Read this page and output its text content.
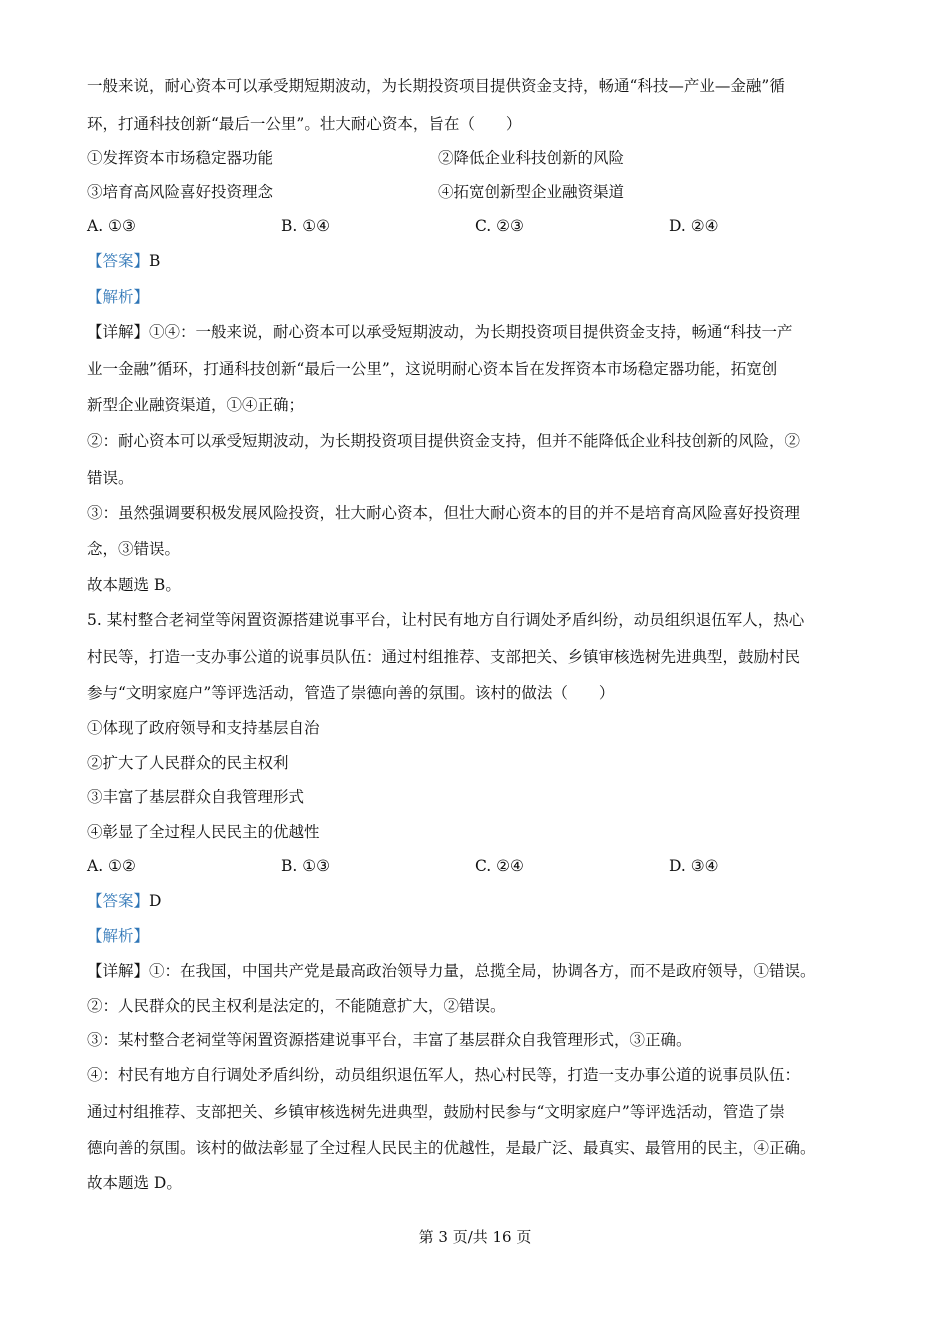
一般来说，耐心资本可以承受期短期波动，为长期投资项目提供资金支持，畅通“科技—产业—金融”循
环，打通科技创新“最后一公里”。壮大耐心资本，旨在（　　）
①发挥资本市场稳定器功能	②降低企业科技创新的风险
③培育高风险喜好投资理念	④拓宽创新型企业融资渠道
A. ①③	B. ①④	C. ②③	D. ②④
【答案】B
【解析】
【详解】①④：一般来说，耐心资本可以承受短期波动，为长期投资项目提供资金支持，畅通“科技一产
业一金融”循环，打通科技创新“最后一公里”，这说明耐心资本旨在发挥资本市场稳定器功能，拓宽创
新型企业融资渠道，①④正确；
②：耐心资本可以承受短期波动，为长期投资项目提供资金支持，但并不能降低企业科技创新的风险，②
错误。
③：虽然强调要积极发展风险投资，壮大耐心资本，但壮大耐心资本的目的并不是培育高风险喜好投资理
念，③错误。
故本题选 B。
5. 某村整合老祠堂等闲置资源搭建说事平台，让村民有地方自行调处矛盾纠纷，动员组织退伍军人，热心
村民等，打造一支办事公道的说事员队伍：通过村组推荐、支部把关、乡镇审核选树先进典型，鼓励村民
参与“文明家庭户”等评选活动，管造了崇德向善的氛围。该村的做法（　　）
①体现了政府领导和支持基层自治
②扩大了人民群众的民主权利
③丰富了基层群众自我管理形式
④彰显了全过程人民民主的优越性
A. ①②	B. ①③	C. ②④	D. ③④
【答案】D
【解析】
【详解】①：在我国，中国共产党是最高政治领导力量，总揽全局，协调各方，而不是政府领导，①错误。
②：人民群众的民主权利是法定的，不能随意扩大，②错误。
③：某村整合老祠堂等闲置资源搭建说事平台，丰富了基层群众自我管理形式，③正确。
④：村民有地方自行调处矛盾纠纷，动员组织退伍军人，热心村民等，打造一支办事公道的说事员队伍：
通过村组推荐、支部把关、乡镇审核选树先进典型，鼓励村民参与“文明家庭户”等评选活动，管造了崇
德向善的氛围。该村的做法彰显了全过程人民民主的优越性，是最广泛、最真实、最管用的民主，④正确。
故本题选 D。
第 3 页/共 16 页
